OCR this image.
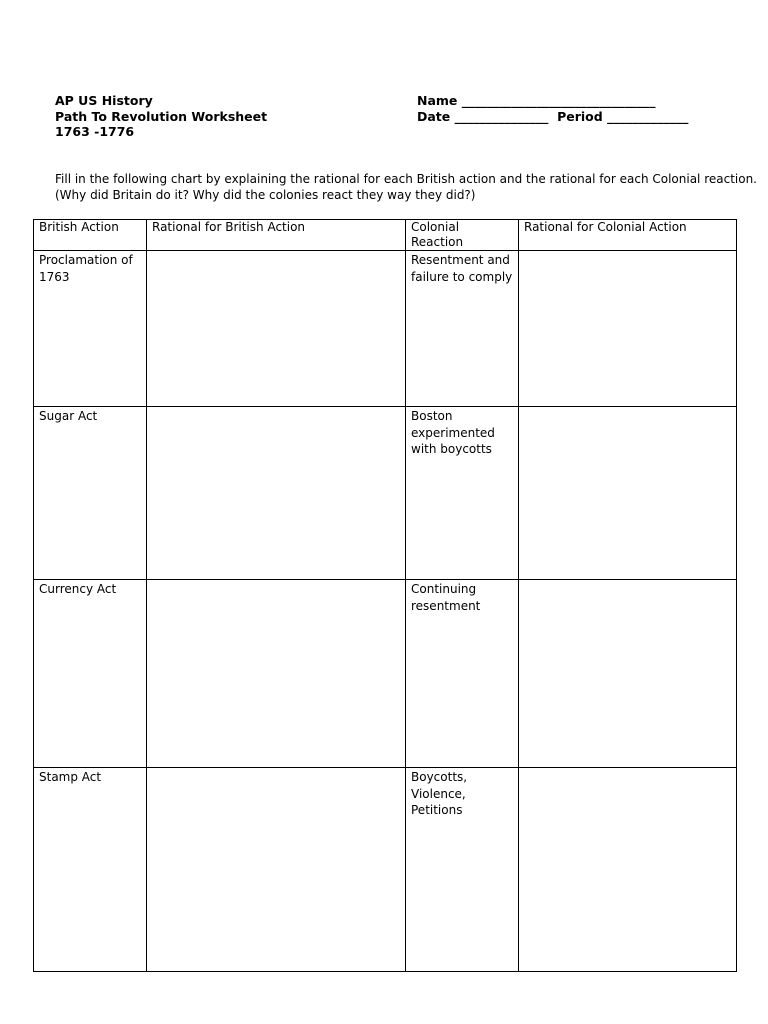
AP US History
Path To Revolution Worksheet
1763 -1776
Name _______________________________
Date _______________ Period _____________
Fill in the following chart by explaining the rational for each British action and the rational for each Colonial reaction.
(Why did Britain do it? Why did the colonies react they way they did?)
British Action	Rational for British Action	Colonial Reaction	Rational for Colonial Action
Proclamation of 1763		Resentment and failure to comply	
Sugar Act		Boston experimented with boycotts	
Currency Act		Continuing resentment	
Stamp Act		Boycotts, Violence, Petitions	
